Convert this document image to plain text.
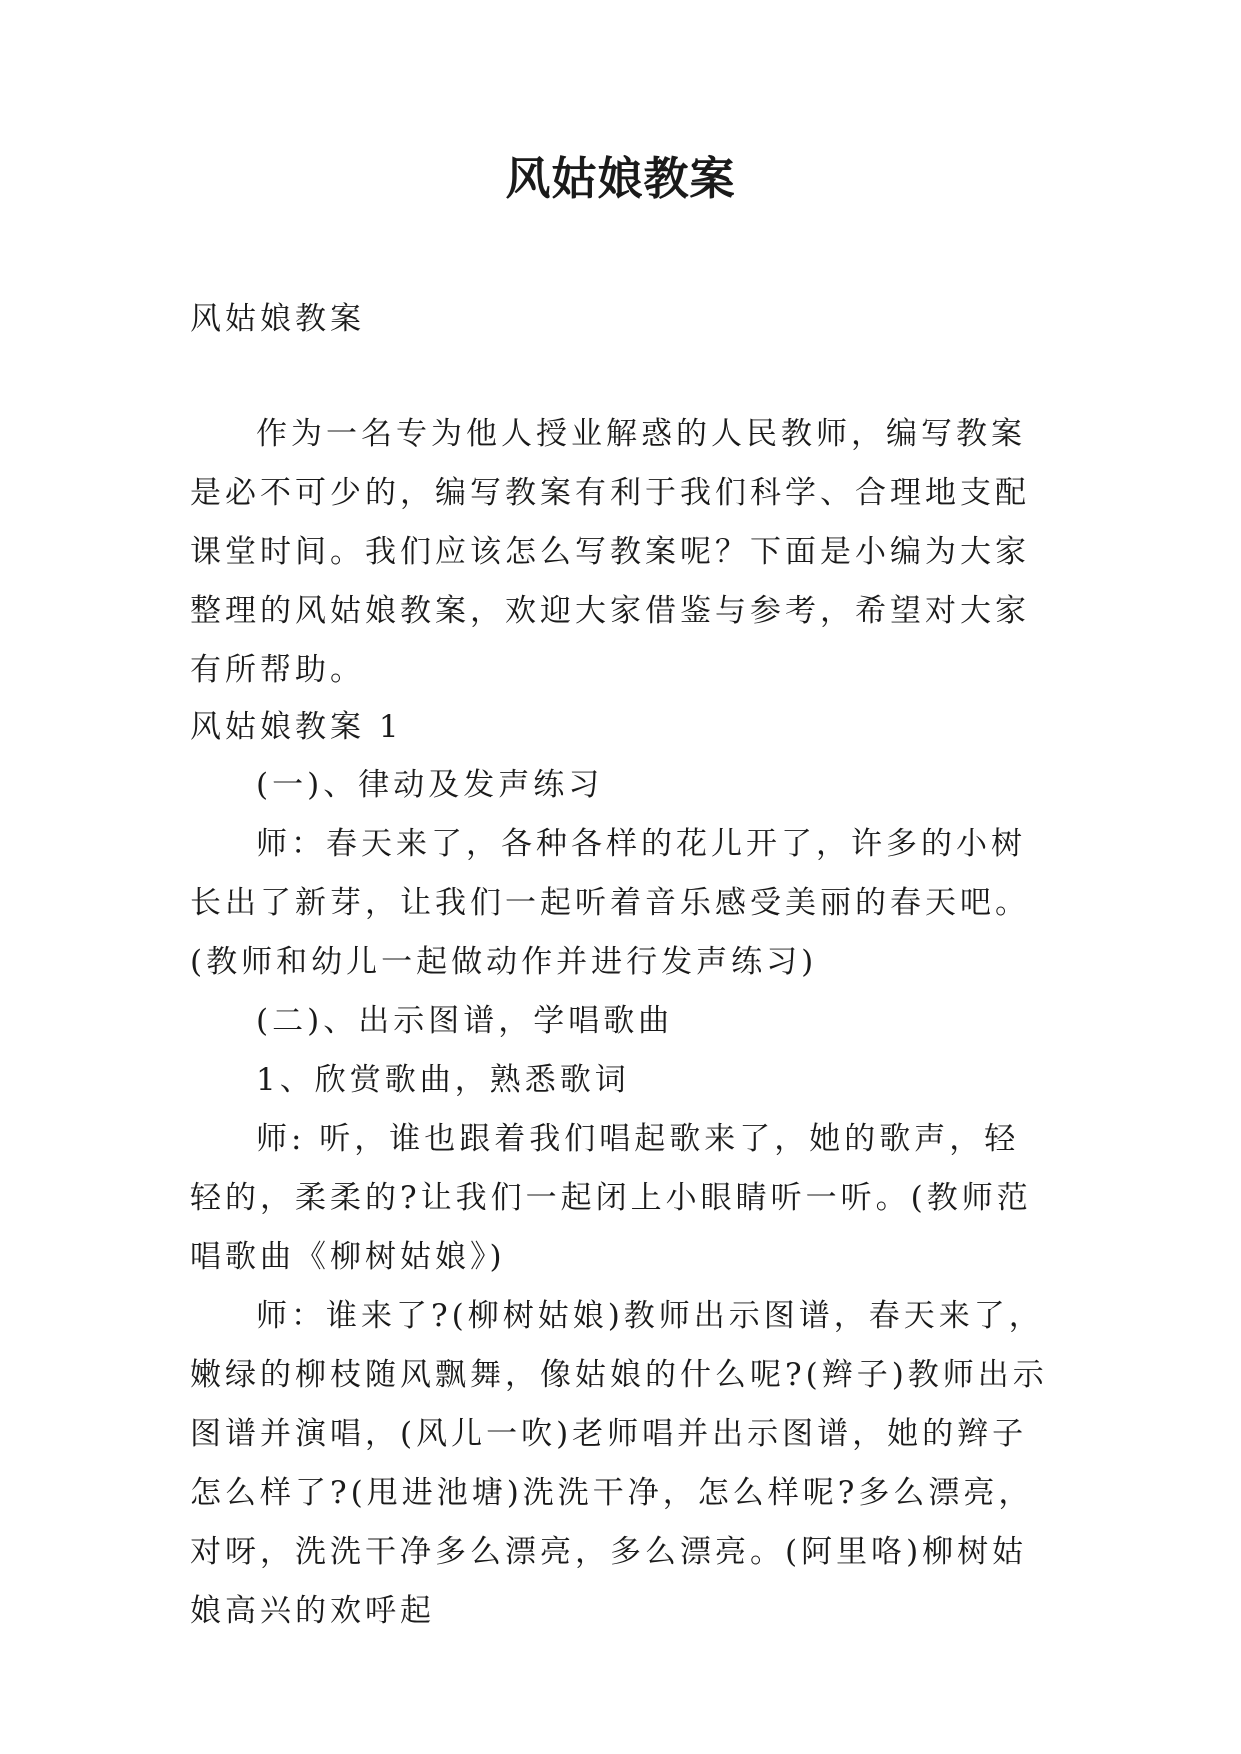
风姑娘教案
风姑娘教案

作为一名专为他人授业解惑的人民教师，编写教案是必不可少的，编写教案有利于我们科学、合理地支配课堂时间。我们应该怎么写教案呢？下面是小编为大家整理的风姑娘教案，欢迎大家借鉴与参考，希望对大家有所帮助。

风姑娘教案 1

(一)、律动及发声练习

师：春天来了，各种各样的花儿开了，许多的小树长出了新芽，让我们一起听着音乐感受美丽的春天吧。(教师和幼儿一起做动作并进行发声练习)

(二)、出示图谱，学唱歌曲

1、欣赏歌曲，熟悉歌词

师: 听，谁也跟着我们唱起歌来了，她的歌声，轻轻的，柔柔的?让我们一起闭上小眼睛听一听。(教师范唱歌曲《柳树姑娘》)

师：谁来了?(柳树姑娘)教师出示图谱，春天来了，嫩绿的柳枝随风飘舞，像姑娘的什么呢?(辫子)教师出示图谱并演唱，(风儿一吹)老师唱并出示图谱，她的辫子怎么样了?(甩进池塘)洗洗干净，怎么样呢?多么漂亮，对呀，洗洗干净多么漂亮，多么漂亮。(阿里咯)柳树姑娘高兴的欢呼起
